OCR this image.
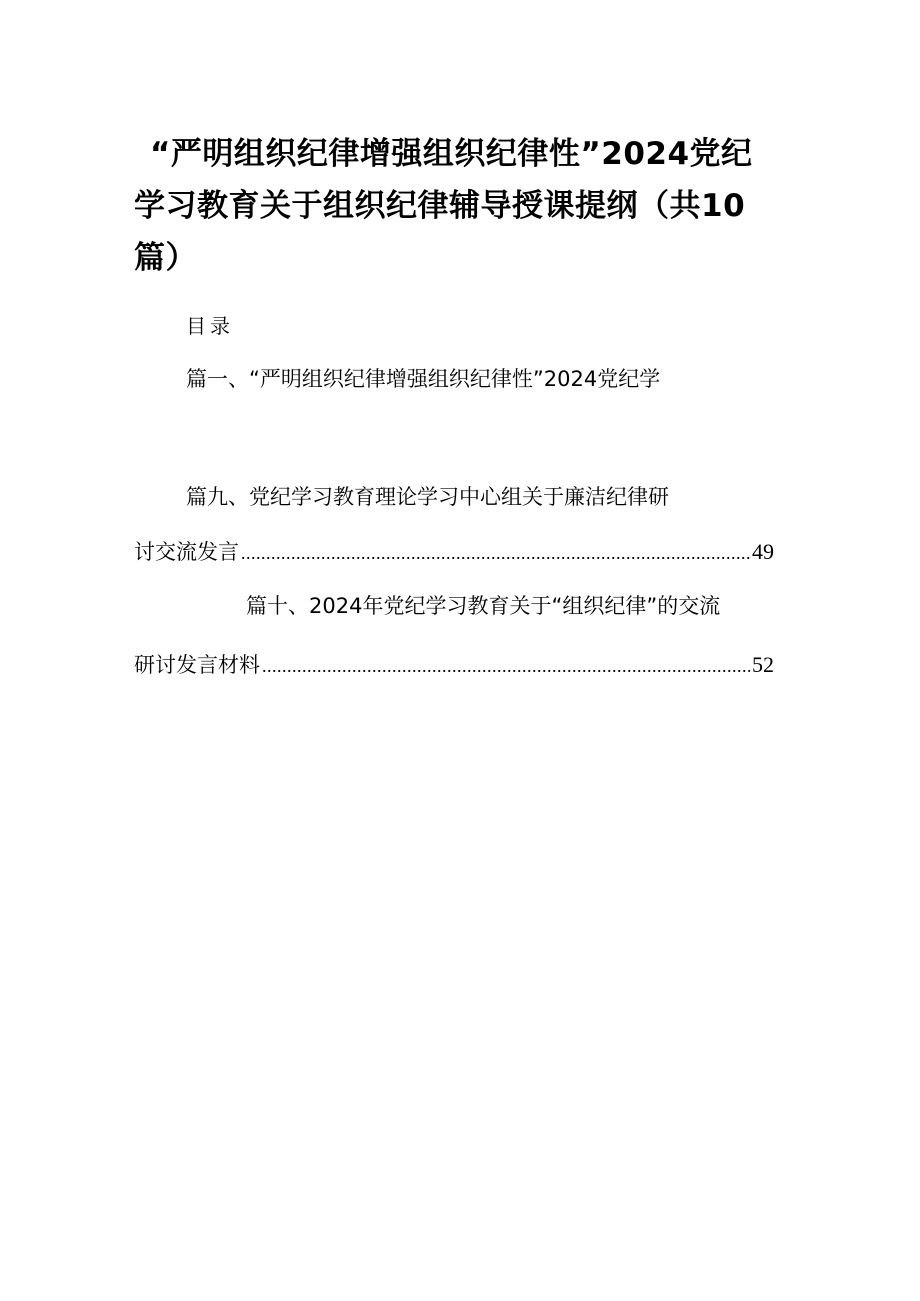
“严明组织纪律增强组织纪律性”2024党纪学习教育关于组织纪律辅导授课提纲（共10篇）
目录
篇一、“严明组织纪律增强组织纪律性”2024党纪学
篇九、党纪学习教育理论学习中心组关于廉洁纪律研
讨交流发言 .....	49
篇十、2024年党纪学习教育关于“组织纪律”的交流
研讨发言材料 .....	52
